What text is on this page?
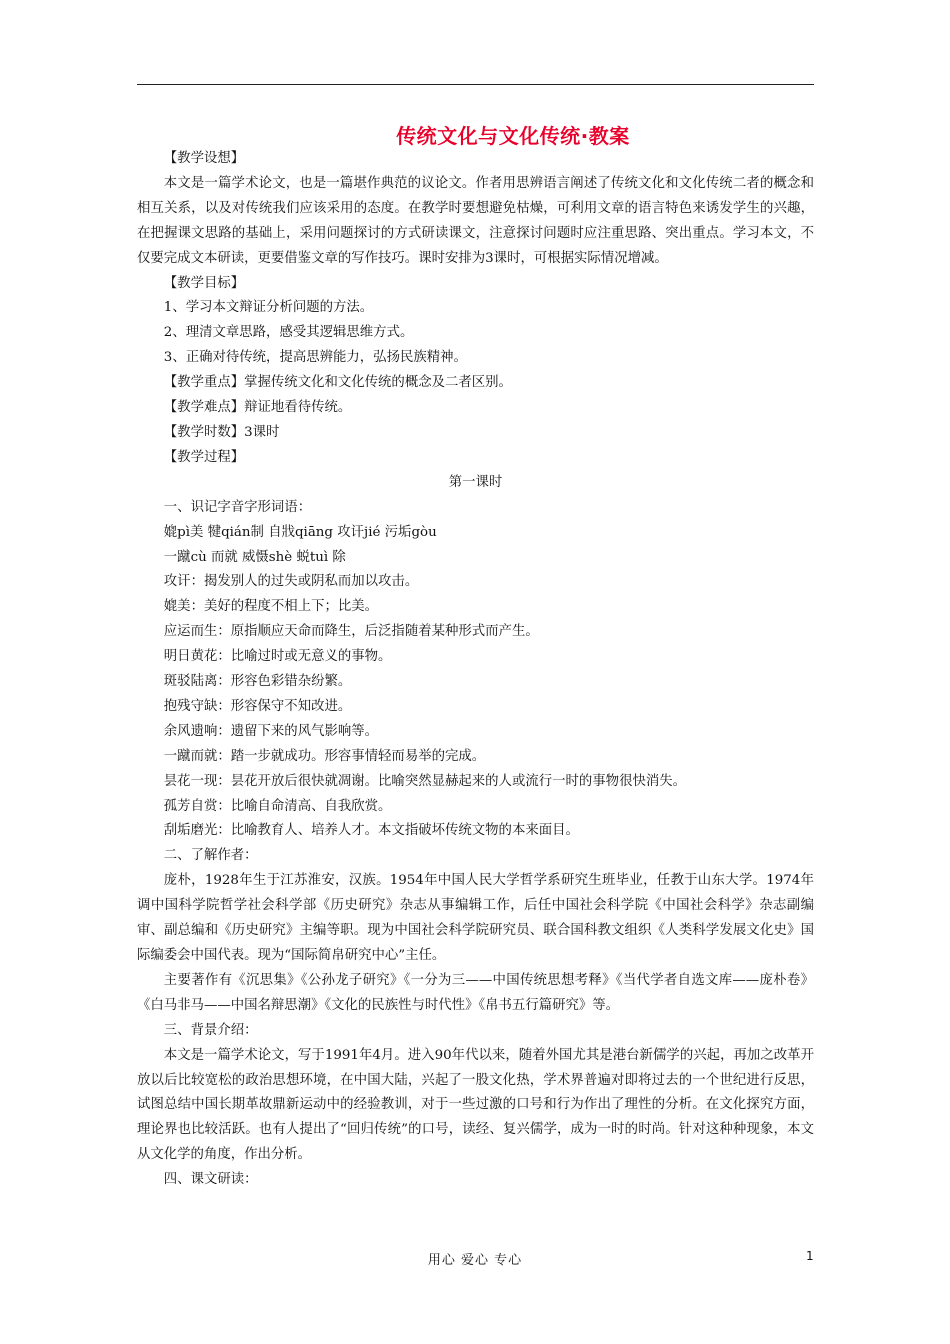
传统文化与文化传统·教案

【教学设想】

本文是一篇学术论文，也是一篇堪作典范的议论文。作者用思辨语言阐述了传统文化和文化传统二者的概念和相互关系，以及对传统我们应该采用的态度。在教学时要想避免枯燥，可利用文章的语言特色来诱发学生的兴趣，在把握课文思路的基础上，采用问题探讨的方式研读课文，注意探讨问题时应注重思路、突出重点。学习本文，不仅要完成文本研读，更要借鉴文章的写作技巧。课时安排为3课时，可根据实际情况增减。

【教学目标】

1、学习本文辩证分析问题的方法。

2、理清文章思路，感受其逻辑思维方式。

3、正确对待传统，提高思辨能力，弘扬民族精神。

【教学重点】掌握传统文化和文化传统的概念及二者区别。

【教学难点】辩证地看待传统。

【教学时数】3课时

【教学过程】

第一课时

一、识记字音字形词语：

媲pì美 犍qián制 自戕qiāng 攻讦jié 污垢gòu

一蹴cù 而就 威慑shè 蜕tuì 除

攻讦：揭发别人的过失或阴私而加以攻击。

媲美：美好的程度不相上下；比美。

应运而生：原指顺应天命而降生，后泛指随着某种形式而产生。

明日黄花：比喻过时或无意义的事物。

斑驳陆离：形容色彩错杂纷繁。

抱残守缺：形容保守不知改进。

余风遗响：遗留下来的风气影响等。

一蹴而就：踏一步就成功。形容事情轻而易举的完成。

昙花一现：昙花开放后很快就凋谢。比喻突然显赫起来的人或流行一时的事物很快消失。

孤芳自赏：比喻自命清高、自我欣赏。

刮垢磨光：比喻教育人、培养人才。本文指破坏传统文物的本来面目。

二、了解作者：

庞朴，1928年生于江苏淮安，汉族。1954年中国人民大学哲学系研究生班毕业，任教于山东大学。1974年调中国科学院哲学社会科学部《历史研究》杂志从事编辑工作，后任中国社会科学院《中国社会科学》杂志副编审、副总编和《历史研究》主编等职。现为中国社会科学院研究员、联合国科教文组织《人类科学发展文化史》国际编委会中国代表。现为“国际简帛研究中心”主任。

主要著作有《沉思集》《公孙龙子研究》《一分为三——中国传统思想考释》《当代学者自选文库——庞朴卷》《白马非马——中国名辩思潮》《文化的民族性与时代性》《帛书五行篇研究》等。

三、背景介绍：

本文是一篇学术论文，写于1991年4月。进入90年代以来，随着外国尤其是港台新儒学的兴起，再加之改革开放以后比较宽松的政治思想环境，在中国大陆，兴起了一股文化热，学术界普遍对即将过去的一个世纪进行反思，试图总结中国长期革故鼎新运动中的经验教训，对于一些过激的口号和行为作出了理性的分析。在文化探究方面，理论界也比较活跃。也有人提出了“回归传统”的口号，读经、复兴儒学，成为一时的时尚。针对这种种现象，本文从文化学的角度，作出分析。

四、课文研读：

用心 爱心 专心	1
